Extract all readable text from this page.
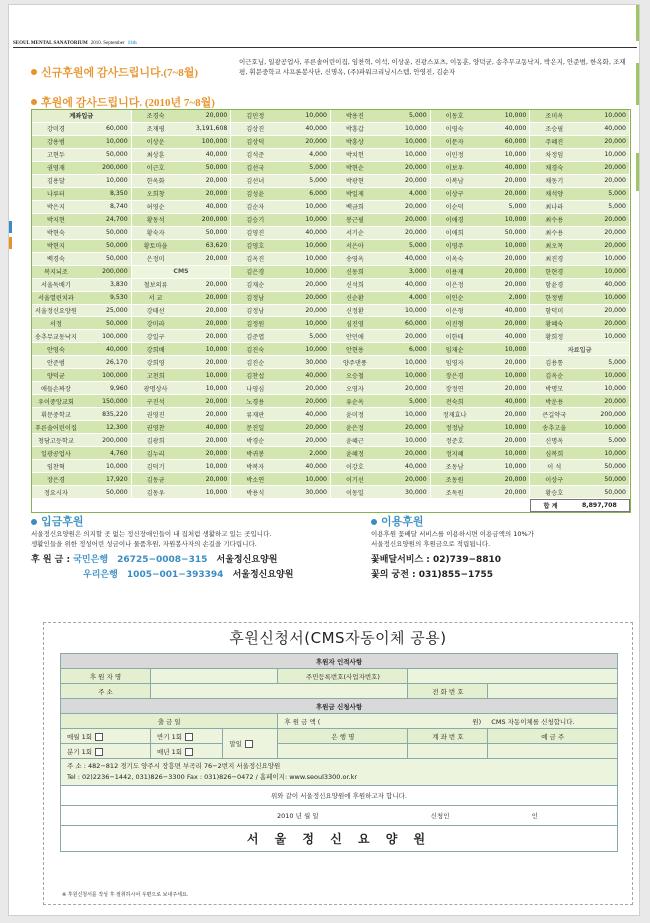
SEOUL MENTAL SANATORIUM 2010. September 11th
신규후원에 감사드립니다.(7~8월)
이근호님, 일광공업사, 푸른솔어린이집, 임찬혁, 이석, 이상운, 진광스포츠, 이동훈, 양덕균, 송추무교동낙지, 박은지, 안준범, 한옥화, 조재평, 휘문중학교 샤프론봉사단, 신명옥, (주)파워크리닝시스템, 안영진, 김순자
후원에 감사드립니다. (2010년 7~8월)
계좌입금	조경숙	20,000	김민정	10,000	박용진	5,000	이동호	10,000	조미옥	10,000
강미경	60,000	조재평	3,191,608	김상진	40,000	박흥갑	10,000	이영숙	40,000	조승필	40,000
강용범	10,000	이상운	100,000	김상덕	20,000	박흥상	10,000	이문자	60,000	주혜진	20,000
고현두	50,000	최상훈	40,000	김석준	4,000	박치헌	10,000	이민정	10,000	차정임	10,000
권영재	200,000	이근호	50,000	김선국	5,000	박현순	20,000	이보우	40,000	채경숙	20,000
김용달	10,000	한옥화	20,000	김선녀	5,000	박광현	20,000	이복남	20,000	채동기	20,000
나루터	8,350	오희창	20,000	김성윤	6,000	박일제	4,000	이상구	20,000	채석양	5,000
박은지	8,740	허영순	40,000	김순자	10,000	백금희	20,000	이순덕	5,000	최나라	5,000
박지현	24,700	황동석	200,000	김승기	10,000	봉근필	20,000	이애경	10,000	최수용	20,000
박현숙	50,000	황숙자	50,000	김영진	40,000	서기순	20,000	이애희	50,000	최수용	20,000
박현지	50,000	황토마을	63,620	김영호	10,000	서은아	5,000	이영주	10,000	최오목	20,000
백경숙	50,000	은정미	20,000	김옥진	10,000	송영옥	40,000	이옥숙	20,000	최진경	10,000
복지뇌조	200,000	CMS	김은경	10,000	신동희	3,000	이용재	20,000	한현경	10,000
서울독배기	3,830	철보의류	20,000	김재순	20,000	신석희	40,000	이은정	20,000	함윤경	40,000
서울열린치과	9,530	서 교	20,000	김정남	20,000	신순환	4,000	이인순	2,000	한정범	10,000
서울정신요양원	25,000	강태선	20,000	김정남	20,000	신정환	10,000	이은형	40,000	함덕미	20,000
서정	50,000	강미라	20,000	김정원	10,000	심진영	60,000	이진형	20,000	황혜숙	20,000
송추무교동낙지	100,000	강일구	20,000	김준엽	5,000	안민애	20,000	이한태	40,000	황희정	10,000
안영숙	40,000	강희배	10,000	김진숙	10,000	안현용	6,000	임재순	10,000	자료입금
안준범	26,170	강희영	20,000	김진순	30,000	양주댄풍	10,000	임영자	20,000	김용통	5,000
양덕균	100,000	고천희	10,000	김찬섭	40,000	오승철	10,000	장은경	10,000	김옥순	10,000
애들손짜장	9,960	광명상사	10,000	나영심	20,000	오영자	20,000	장정연	20,000	박명모	10,000
우이중앙교회	150,000	구진석	20,000	노경용	20,000	유순옥	5,000	전숙희	40,000	박운용	20,000
휘문중학교	835,220	권영진	20,000	류재판	40,000	윤미정	10,000	정재효나	20,000	큰길약국	200,000
푸른솔어린이집	12,300	권영찬	40,000	문진일	20,000	윤은정	20,000	정정남	10,000	송추고울	10,000
청담고등학교	200,000	김광희	20,000	박경순	20,000	윤혜근	10,000	정준호	20,000	신명옥	5,000
일광공업사	4,760	김누리	20,000	박귀봉	2,000	윤혜정	20,000	정지혜	10,000	심복희	10,000
임찬혁	10,000	김덕기	10,000	박복자	40,000	이강호	40,000	조동남	10,000	이 석	50,000
장은경	17,920	김동균	20,000	박소연	10,000	이기선	20,000	조동원	20,000	이상구	50,000
정요시자	50,000	김동우	10,000	박용식	30,000	이동일	30,000	조독원	20,000	황승호	50,000
합 계	8,897,708
입금후원
서울정신요양원은 의지할 곳 없는 정신장애인들이 내 집처럼 생활하고 있는 곳입니다.
생활인들을 위한 정성어린 성금이나 물품후원, 자원봉사자의 손길을 기다립니다.
후 원 금 : 국민은행 26725−0008−315 서울정신요양원
우리은행 1005−001−393394 서울정신요양원
이용후원
이용후원 꽃배달 서비스를 이용하시면 이용금액의 10%가
서울정신요양원의 후원금으로 적립됩니다.
꽃배달서비스 : 02)739−8810
꽃의 궁전 : 031)855−1755
후원신청서(CMS자동이체 공용)
후원자 인적사항					
후 원 자 명			주민등록번호(사업자번호)		
주 소				전 화 번 호	
후원금 신청사항					
출 금 일			후 원 금 액 ( 원) CMS 자동이체를 신청합니다.		
매월 1회	반기 1회	말일	은 행 명	계 좌 번 호	예 금 주
분기 1회	매년 1회				

주 소 : 482−812 경기도 양주시 장흥면 부곡리 76−2번지 서울정신요양원
Tel : 02)2236−1442, 031)826−3300 Fax : 031)826−0472 / 홈페이지: www.seoul3300.or.kr					

위와 같이 서울정신요양원에 후원하고자 합니다.					
2010 년 월 일 신청인 인					
서 울 정 신 요 양 원					
※ 후원신청서를 작성 후 절취하시어 우편으로 보내주세요.
